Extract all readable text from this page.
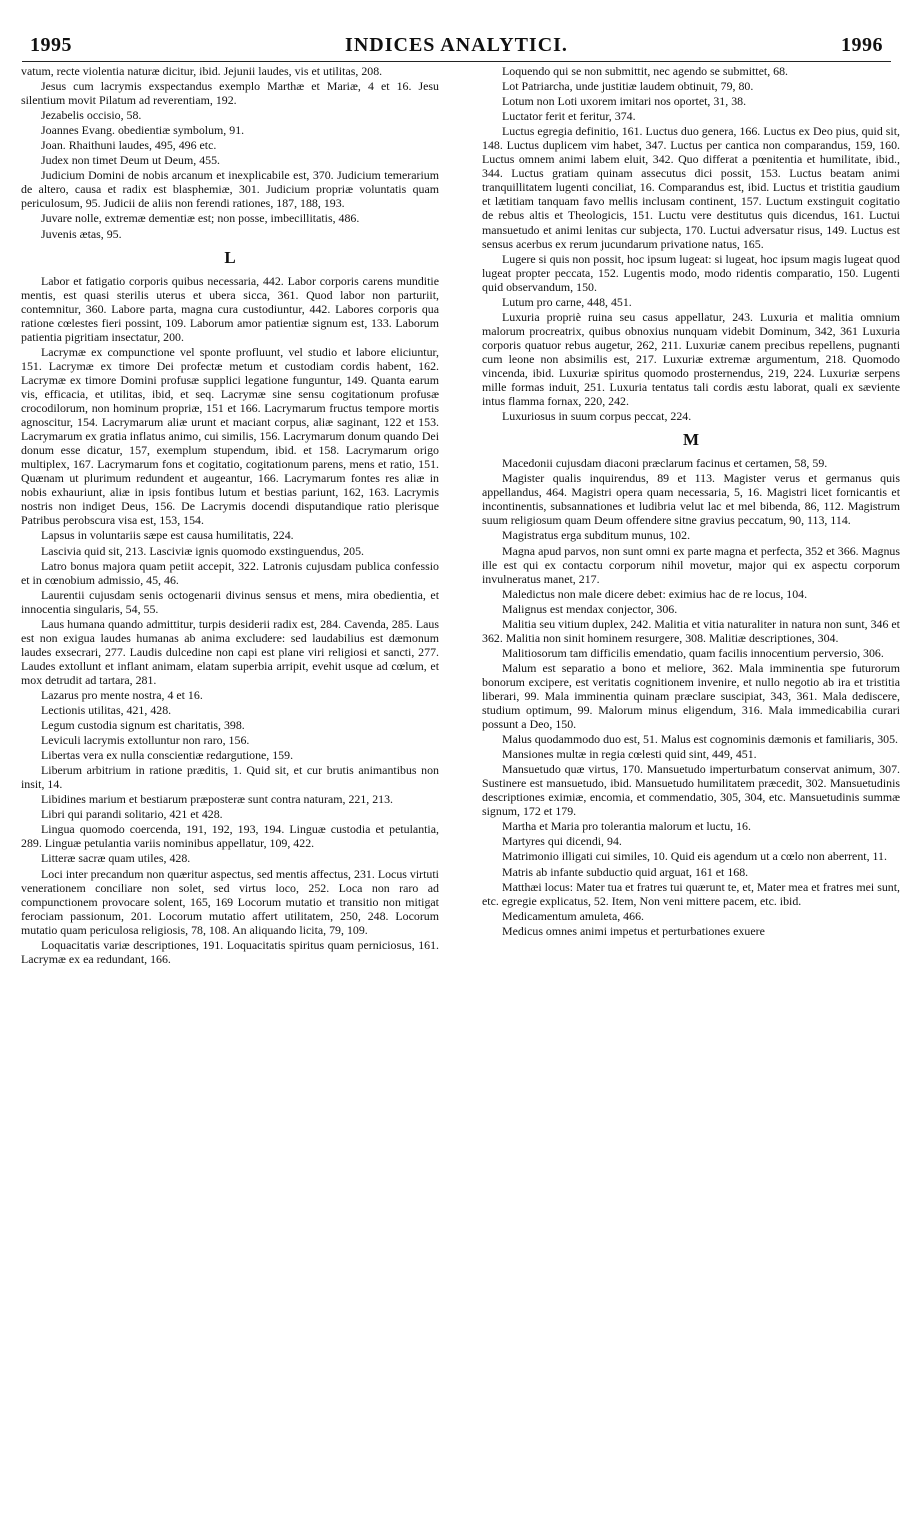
1995	INDICES ANALYTICI.	1996

vatum, recte violentia naturæ dicitur, ibid. Jejunii laudes, vis et utilitas, 208.

Jesus cum lacrymis exspectandus exemplo Marthæ et Mariæ, 4 et 16. Jesu silentium movit Pilatum ad reverentiam, 192.

Jezabelis occisio, 58.

Joannes Evang. obedientiæ symbolum, 91.

Joan. Rhaithuni laudes, 495, 496 etc.

Judex non timet Deum ut Deum, 455.

Judicium Domini de nobis arcanum et inexplicabile est, 370. Judicium temerarium de altero, causa et radix est blasphemiæ, 301. Judicium propriæ voluntatis quam periculosum, 95. Judicii de aliis non ferendi rationes, 187, 188, 193.

Juvare nolle, extremæ dementiæ est; non posse, imbecillitatis, 486.

Juvenis ætas, 95.

L

Labor et fatigatio corporis quibus necessaria, 442. Labor corporis carens munditie mentis, est quasi sterilis uterus et ubera sicca, 361. Quod labor non parturiit, contemnitur, 360. Labore parta, magna cura custodiuntur, 442. Labores corporis qua ratione cœlestes fieri possint, 109. Laborum amor patientiæ signum est, 133. Laborum patientia pigritiam insectatur, 200.

Lacrymæ ex compunctione vel sponte profluunt, vel studio et labore eliciuntur, 151. Lacrymæ ex timore Dei profectæ metum et custodiam cordis habent, 162. Lacrymæ ex timore Domini profusæ supplici legatione funguntur, 149. Quanta earum vis, efficacia, et utilitas, ibid, et seq. Lacrymæ sine sensu cogitationum profusæ crocodilorum, non hominum propriæ, 151 et 166. Lacrymarum fructus tempore mortis agnoscitur, 154. Lacrymarum aliæ urunt et maciant corpus, aliæ saginant, 122 et 153. Lacrymarum ex gratia inflatus animo, cui similis, 156. Lacrymarum donum quando Dei donum esse dicatur, 157, exemplum stupendum, ibid. et 158. Lacrymarum origo multiplex, 167. Lacrymarum fons et cogitatio, cogitationum parens, mens et ratio, 151. Quænam ut plurimum redundent et augeantur, 166. Lacrymarum fontes res aliæ in nobis exhauriunt, aliæ in ipsis fontibus lutum et bestias pariunt, 162, 163. Lacrymis nostris non indiget Deus, 156. De Lacrymis docendi disputandique ratio plerisque Patribus perobscura visa est, 153, 154.

Lapsus in voluntariis sæpe est causa humilitatis, 224.

Lascivia quid sit, 213. Lasciviæ ignis quomodo exstinguendus, 205.

Latro bonus majora quam petiit accepit, 322. Latronis cujusdam publica confessio et in cœnobium admissio, 45, 46.

Laurentii cujusdam senis octogenarii divinus sensus et mens, mira obedientia, et innocentia singularis, 54, 55.

Laus humana quando admittitur, turpis desiderii radix est, 284. Cavenda, 285. Laus est non exigua laudes humanas ab anima excludere: sed laudabilius est dæmonum laudes exsecrari, 277. Laudis dulcedine non capi est plane viri religiosi et sancti, 277. Laudes extollunt et inflant animam, elatam superbia arripit, evehit usque ad cœlum, et mox detrudit ad tartara, 281.

Lazarus pro mente nostra, 4 et 16.

Lectionis utilitas, 421, 428.

Legum custodia signum est charitatis, 398.

Leviculi lacrymis extolluntur non raro, 156.

Libertas vera ex nulla conscientiæ redargutione, 159.

Liberum arbitrium in ratione præditis, 1. Quid sit, et cur brutis animantibus non insit, 14.

Libidines marium et bestiarum præposteræ sunt contra naturam, 221, 213.

Libri qui parandi solitario, 421 et 428.

Lingua quomodo coercenda, 191, 192, 193, 194. Linguæ custodia et petulantia, 289. Linguæ petulantia variis nominibus appellatur, 109, 422.

Litteræ sacræ quam utiles, 428.

Loci inter precandum non quæritur aspectus, sed mentis affectus, 231. Locus virtuti venerationem conciliare non solet, sed virtus loco, 252. Loca non raro ad compunctionem provocare solent, 165, 169 Locorum mutatio et transitio non mitigat ferociam passionum, 201. Locorum mutatio affert utilitatem, 250, 248. Locorum mutatio quam periculosa religiosis, 78, 108. An aliquando licita, 79, 109.

Loquacitatis variæ descriptiones, 191. Loquacitatis spiritus quam perniciosus, 161. Lacrymæ ex ea redundant, 166.

Loquendo qui se non submittit, nec agendo se submittet, 68.

Lot Patriarcha, unde justitiæ laudem obtinuit, 79, 80.

Lotum non Loti uxorem imitari nos oportet, 31, 38.

Luctator ferit et feritur, 374.

Luctus egregia definitio, 161. Luctus duo genera, 166. Luctus ex Deo pius, quid sit, 148. Luctus duplicem vim habet, 347. Luctus per cantica non comparandus, 159, 160. Luctus omnem animi labem eluit, 342. Quo differat a pœnitentia et humilitate, ibid., 344. Luctus gratiam quinam assecutus dici possit, 153. Luctus beatam animi tranquillitatem lugenti conciliat, 16. Comparandus est, ibid. Luctus et tristitia gaudium et lætitiam tanquam favo mellis inclusam continent, 157. Luctum exstinguit cogitatio de rebus altis et Theologicis, 151. Luctu vere destitutus quis dicendus, 161. Luctui mansuetudo et animi lenitas cur subjecta, 170. Luctui adversatur risus, 149. Luctus est sensus acerbus ex rerum jucundarum privatione natus, 165.

Lugere si quis non possit, hoc ipsum lugeat: si lugeat, hoc ipsum magis lugeat quod lugeat propter peccata, 152. Lugentis modo, modo ridentis comparatio, 150. Lugenti quid observandum, 150.

Lutum pro carne, 448, 451.

Luxuria propriè ruina seu casus appellatur, 243. Luxuria et malitia omnium malorum procreatrix, quibus obnoxius nunquam videbit Dominum, 342, 361 Luxuria corporis quatuor rebus augetur, 262, 211. Luxuriæ canem precibus repellens, pugnanti cum leone non absimilis est, 217. Luxuriæ extremæ argumentum, 218. Quomodo vincenda, ibid. Luxuriæ spiritus quomodo prosternendus, 219, 224. Luxuriæ serpens mille formas induit, 251. Luxuria tentatus tali cordis æstu laborat, quali ex sæviente intus flamma fornax, 220, 242.

Luxuriosus in suum corpus peccat, 224.

M

Macedonii cujusdam diaconi præclarum facinus et certamen, 58, 59.

Magister qualis inquirendus, 89 et 113. Magister verus et germanus quis appellandus, 464. Magistri opera quam necessaria, 5, 16. Magistri licet fornicantis et incontinentis, subsannationes et ludibria velut lac et mel bibenda, 86, 112. Magistrum suum religiosum quam Deum offendere sitne gravius peccatum, 90, 113, 114.

Magistratus erga subditum munus, 102.

Magna apud parvos, non sunt omni ex parte magna et perfecta, 352 et 366. Magnus ille est qui ex contactu corporum nihil movetur, major qui ex aspectu corporum invulneratus manet, 217.

Maledictus non male dicere debet: eximius hac de re locus, 104.

Malignus est mendax conjector, 306.

Malitia seu vitium duplex, 242. Malitia et vitia naturaliter in natura non sunt, 346 et 362. Malitia non sinit hominem resurgere, 308. Malitiæ descriptiones, 304.

Malitiosorum tam difficilis emendatio, quam facilis innocentium perversio, 306.

Malum est separatio a bono et meliore, 362. Mala imminentia spe futurorum bonorum excipere, est veritatis cognitionem invenire, et nullo negotio ab ira et tristitia liberari, 99. Mala imminentia quinam præclare suscipiat, 343, 361. Mala dediscere, studium optimum, 99. Malorum minus eligendum, 316. Mala immedicabilia curari possunt a Deo, 150.

Malus quodammodo duo est, 51. Malus est cognominis dæmonis et familiaris, 305.

Mansiones multæ in regia cœlesti quid sint, 449, 451.

Mansuetudo quæ virtus, 170. Mansuetudo imperturbatum conservat animum, 307. Sustinere est mansuetudo, ibid. Mansuetudo humilitatem præcedit, 302. Mansuetudinis descriptiones eximiæ, encomia, et commendatio, 305, 304, etc. Mansuetudinis summæ signum, 172 et 179.

Martha et Maria pro tolerantia malorum et luctu, 16.

Martyres qui dicendi, 94.

Matrimonio illigati cui similes, 10. Quid eis agendum ut a cœlo non aberrent, 11.

Matris ab infante subductio quid arguat, 161 et 168.

Matthæi locus: Mater tua et fratres tui quærunt te, et, Mater mea et fratres mei sunt, etc. egregie explicatus, 52. Item, Non veni mittere pacem, etc. ibid.

Medicamentum amuleta, 466.

Medicus omnes animi impetus et perturbationes exuere
